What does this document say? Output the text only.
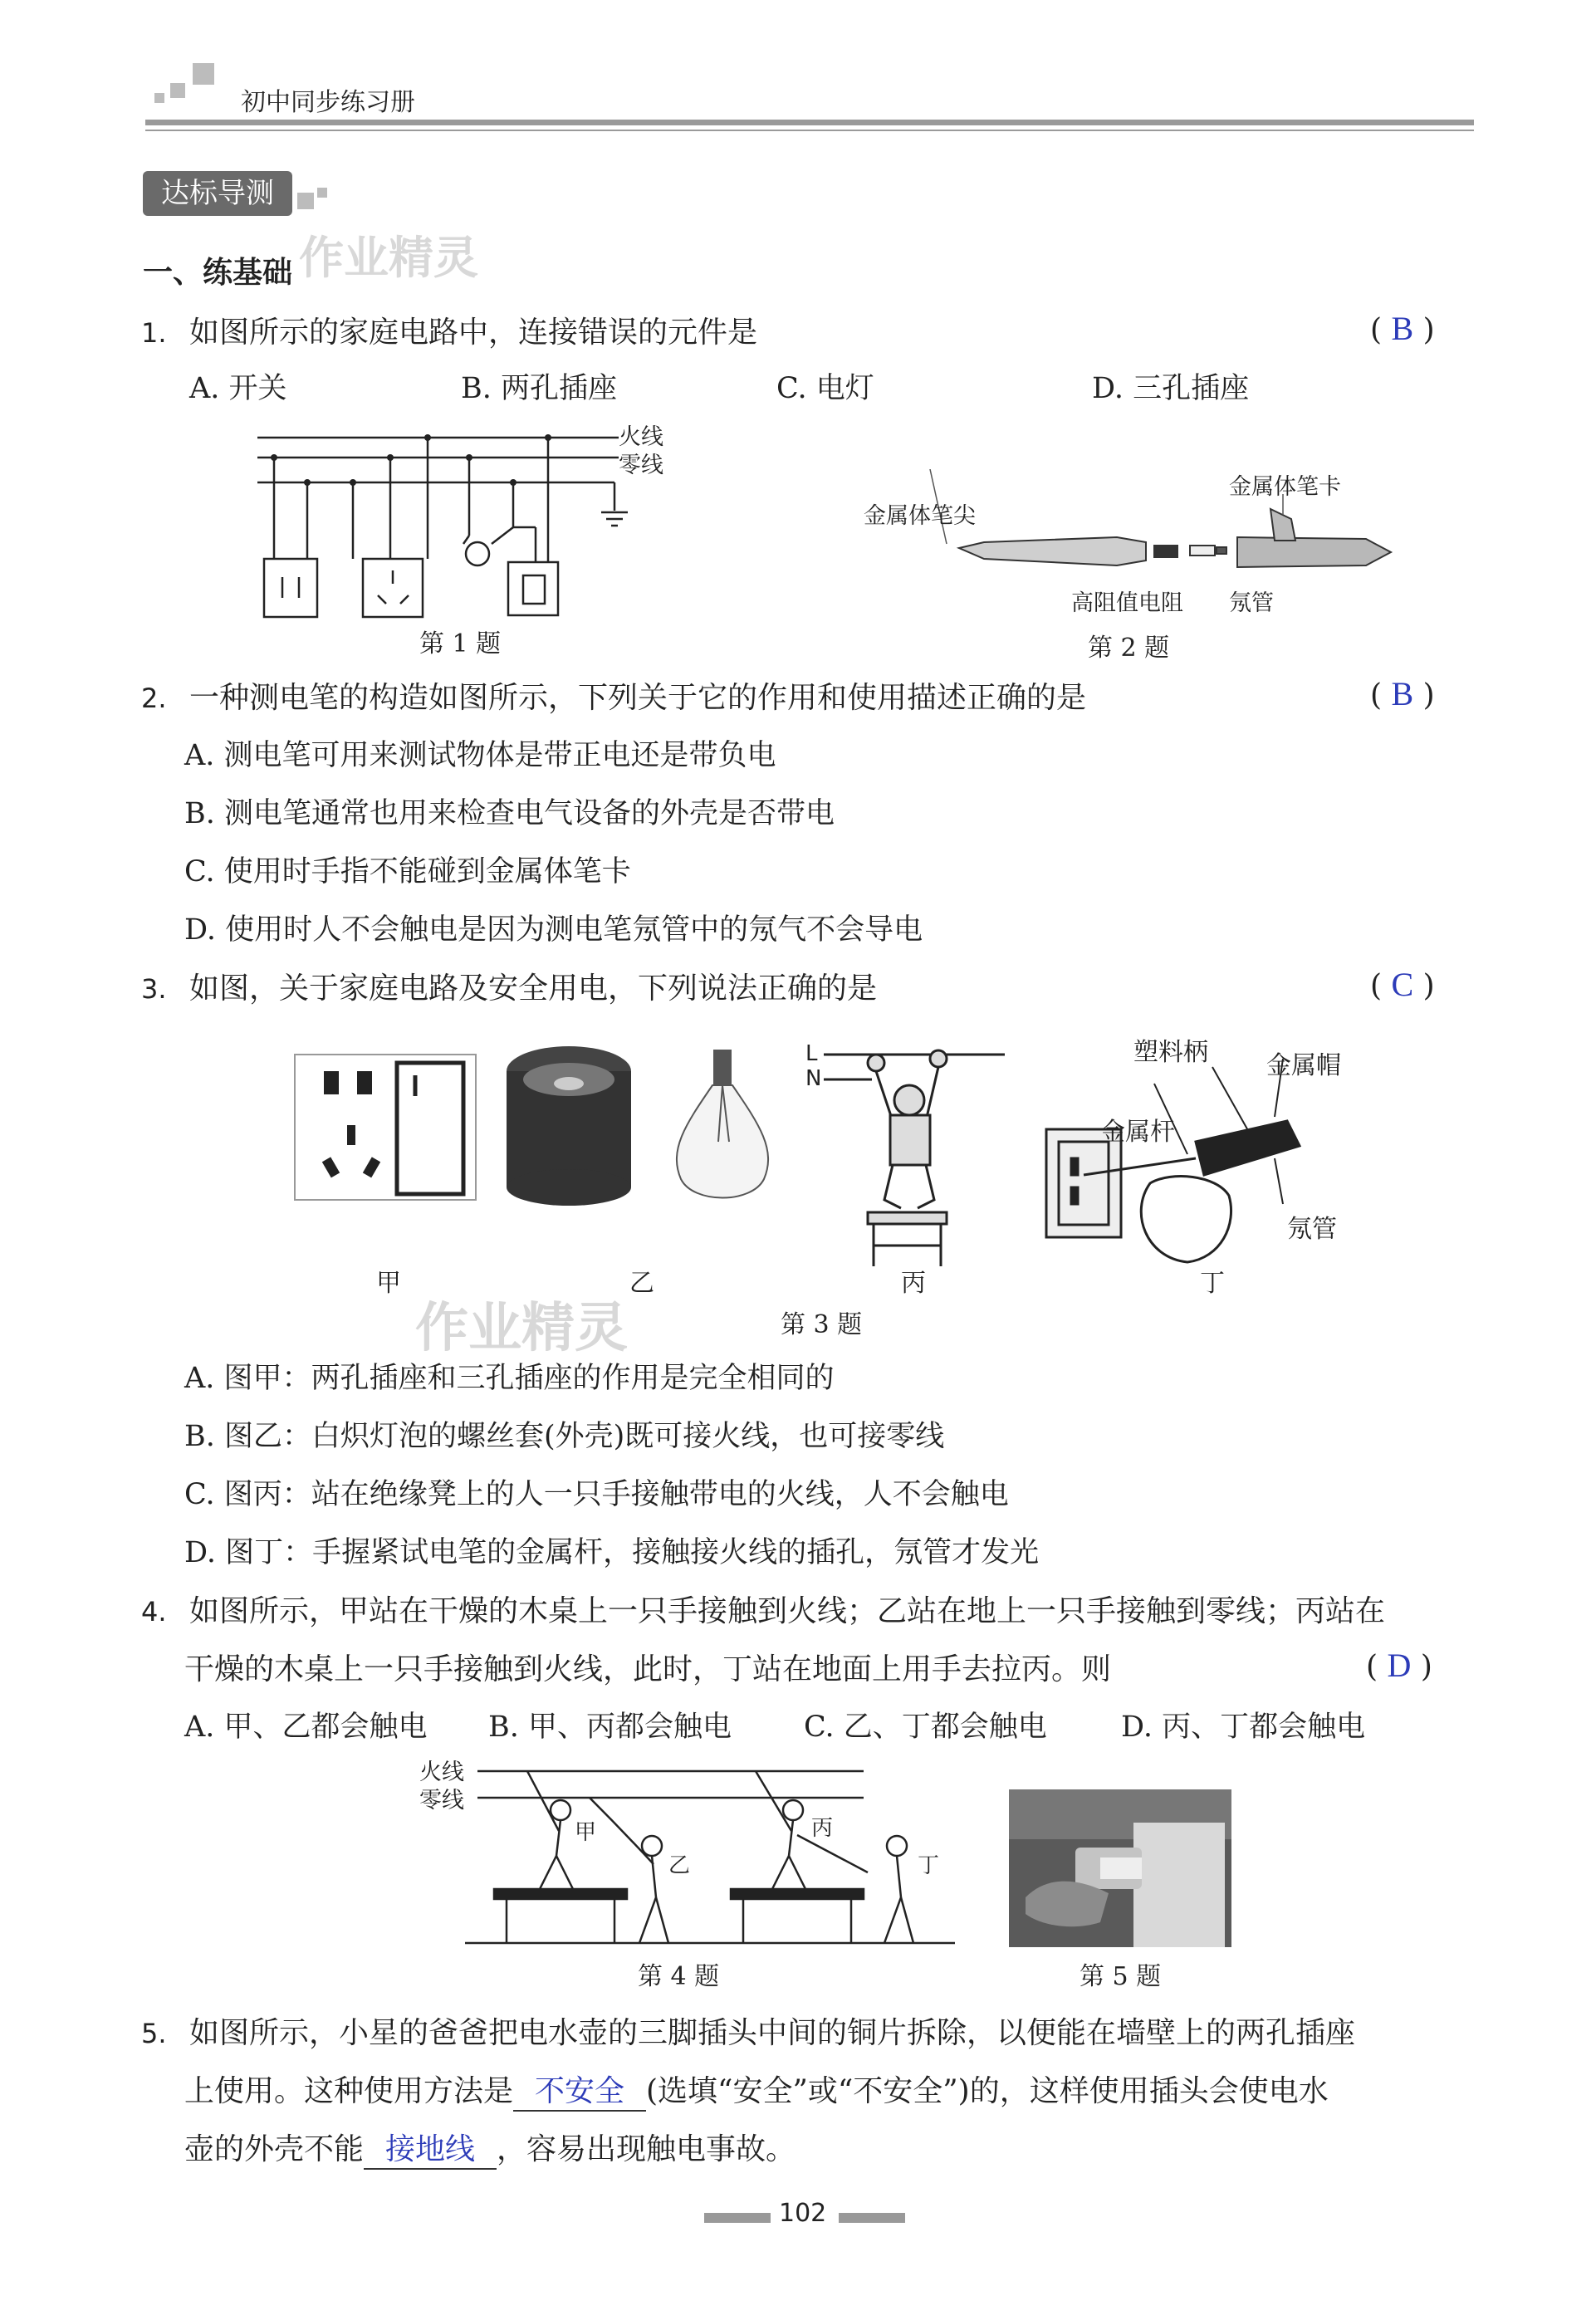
初中同步练习册
达标导测
一、练基础 作业精灵
1. 如图所示的家庭电路中，连接错误的元件是	( B )
A. 开关	B. 两孔插座	C. 电灯	D. 三孔插座
火线
零线
第 1 题
金属体笔尖
金属体笔卡
高阻值电阻 氖管
第 2 题
2. 一种测电笔的构造如图所示，下列关于它的作用和使用描述正确的是	( B )
A. 测电笔可用来测试物体是带正电还是带负电
B. 测电笔通常也用来检查电气设备的外壳是否带电
C. 使用时手指不能碰到金属体笔卡
D. 使用时人不会触电是因为测电笔氖管中的氖气不会导电
3. 如图，关于家庭电路及安全用电，下列说法正确的是	( C )
L
N
塑料柄 金属帽
金属杆
氖管
甲	乙	丙	丁
作业精灵	第 3 题
A. 图甲：两孔插座和三孔插座的作用是完全相同的
B. 图乙：白炽灯泡的螺丝套(外壳)既可接火线，也可接零线
C. 图丙：站在绝缘凳上的人一只手接触带电的火线，人不会触电
D. 图丁：手握紧试电笔的金属杆，接触接火线的插孔，氖管才发光
4. 如图所示，甲站在干燥的木桌上一只手接触到火线；乙站在地上一只手接触到零线；丙站在
干燥的木桌上一只手接触到火线，此时，丁站在地面上用手去拉丙。则	( D )
A. 甲、乙都会触电 B. 甲、丙都会触电 C. 乙、丁都会触电	D. 丙、丁都会触电
火线
零线
甲
乙
丙
丁
第 4 题	第 5 题
5. 如图所示，小星的爸爸把电水壶的三脚插头中间的铜片拆除，以便能在墙壁上的两孔插座
上使用。这种使用方法是 不安全 (选填“安全”或“不安全”)的，这样使用插头会使电水
壶的外壳不能 接地线 ，容易出现触电事故。
102
